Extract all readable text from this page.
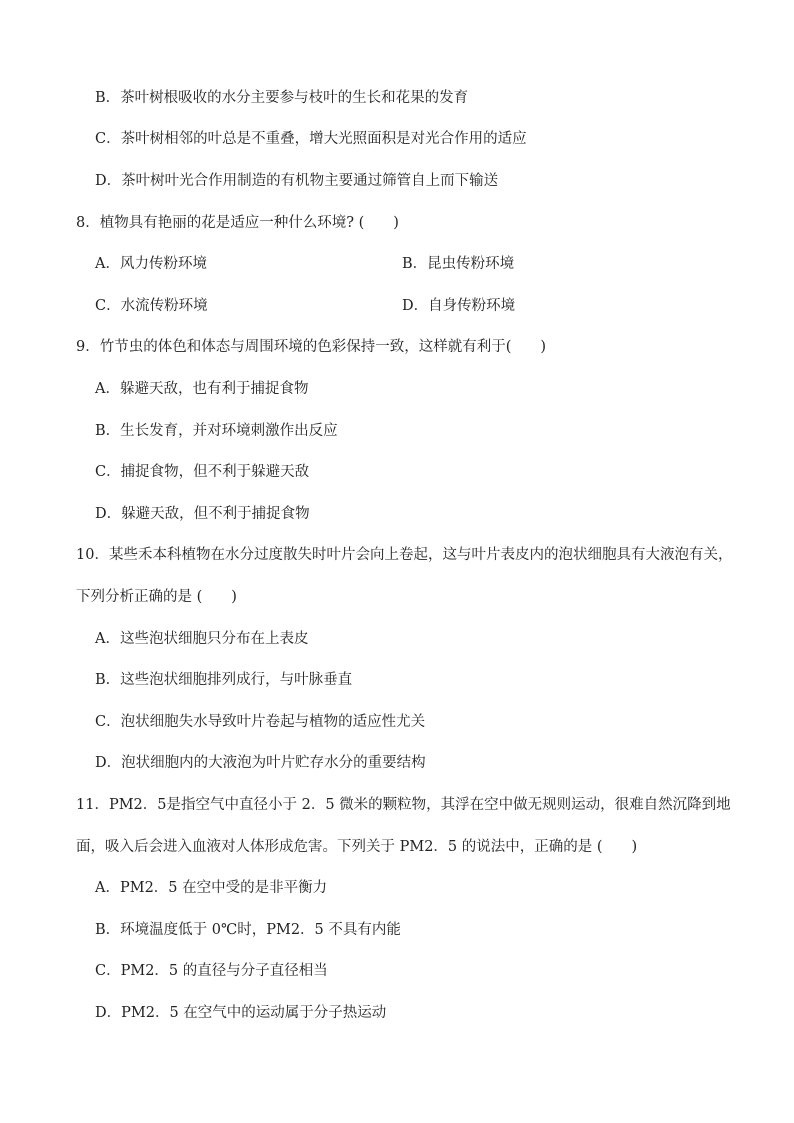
B．茶叶树根吸收的水分主要参与枝叶的生长和花果的发育
C．茶叶树相邻的叶总是不重叠，增大光照面积是对光合作用的适应
D．茶叶树叶光合作用制造的有机物主要通过筛管自上而下输送
8．植物具有艳丽的花是适应一种什么环境? (　　)
A．风力传粉环境	B．昆虫传粉环境
C．水流传粉环境	D．自身传粉环境
9．竹节虫的体色和体态与周围环境的色彩保持一致，这样就有利于(　　)
A．躲避天敌，也有利于捕捉食物
B．生长发育，并对环境刺激作出反应
C．捕捉食物，但不利于躲避天敌
D．躲避天敌，但不利于捕捉食物
10．某些禾本科植物在水分过度散失时叶片会向上卷起，这与叶片表皮内的泡状细胞具有大液泡有关，
下列分析正确的是 (　　)
A．这些泡状细胞只分布在上表皮
B．这些泡状细胞排列成行，与叶脉垂直
C．泡状细胞失水导致叶片卷起与植物的适应性尤关
D．泡状细胞内的大液泡为叶片贮存水分的重要结构
11．PM2．5是指空气中直径小于 2．5 微米的颗粒物，其浮在空中做无规则运动，很难自然沉降到地
面，吸入后会进入血液对人体形成危害。下列关于 PM2．5 的说法中，正确的是 (　　)
A．PM2．5 在空中受的是非平衡力
B．环境温度低于 0℃时，PM2．5 不具有内能
C．PM2．5 的直径与分子直径相当
D．PM2．5 在空气中的运动属于分子热运动
